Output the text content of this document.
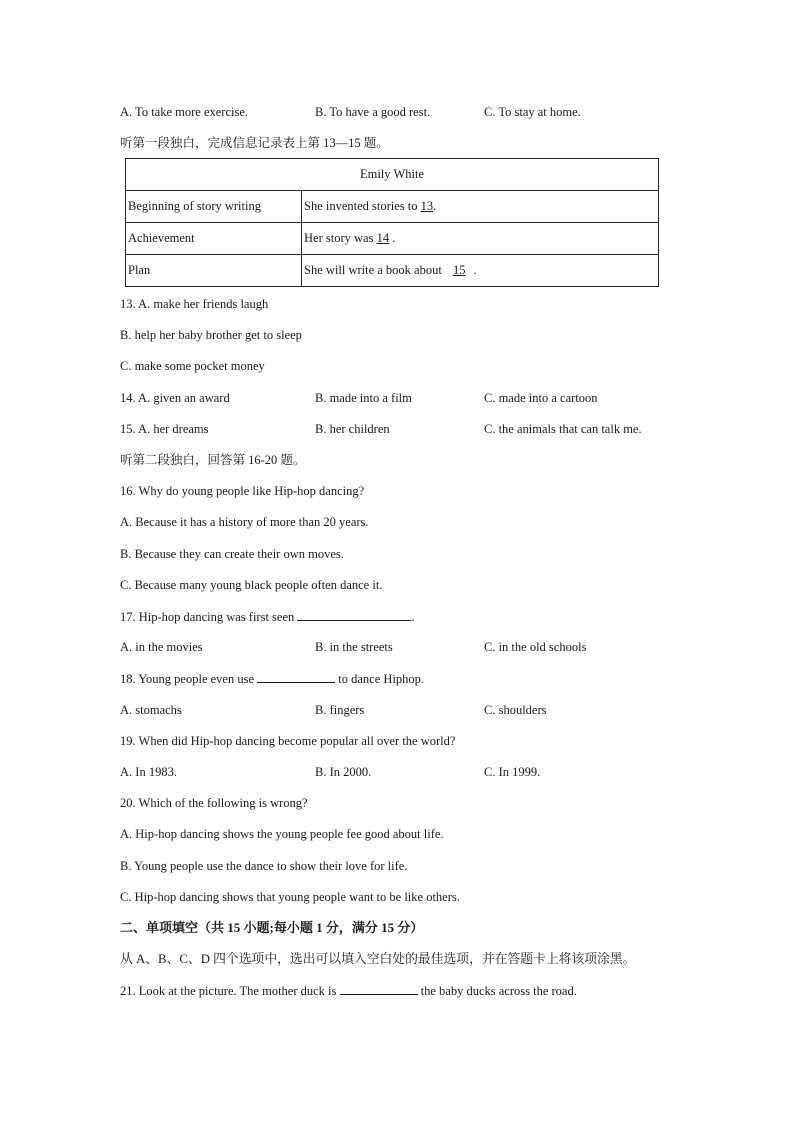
A. To take more exercise.	B. To have a good rest.	C. To stay at home.
听第一段独白，完成信息记录表上第 13—15 题。
Emily White	
Beginning of story writing	She invented stories to 13.
Achievement	Her story was 14 .
Plan	She will write a book about 15 .
13. A. make her friends laugh
B. help her baby brother get to sleep
C. make some pocket money
14. A. given an award	B. made into a film	C. made into a cartoon
15. A. her dreams	B. her children	C. the animals that can talk me.
听第二段独白，回答第 16-20 题。
16. Why do young people like Hip-hop dancing?
A. Because it has a history of more than 20 years.
B. Because they can create their own moves.
C. Because many young black people often dance it.
17. Hip-hop dancing was first seen	.
A. in the movies	B. in the streets	C. in the old schools
18. Young people even use	to dance Hiphop.
A. stomachs	B. fingers	C. shoulders
19. When did Hip-hop dancing become popular all over the world?
A. In 1983.	B. In 2000.	C. In 1999.
20. Which of the following is wrong?
A. Hip-hop dancing shows the young people fee good about life.
B. Young people use the dance to show their love for life.
C. Hip-hop dancing shows that young people want to be like others.
二、单项填空（共 15 小题;每小题 1 分，满分 15 分）
从 A、B、C、D 四个选项中，选出可以填入空白处的最佳选项，并在答题卡上将该项涂黑。
21. Look at the picture. The mother duck is	the baby ducks across the road.
